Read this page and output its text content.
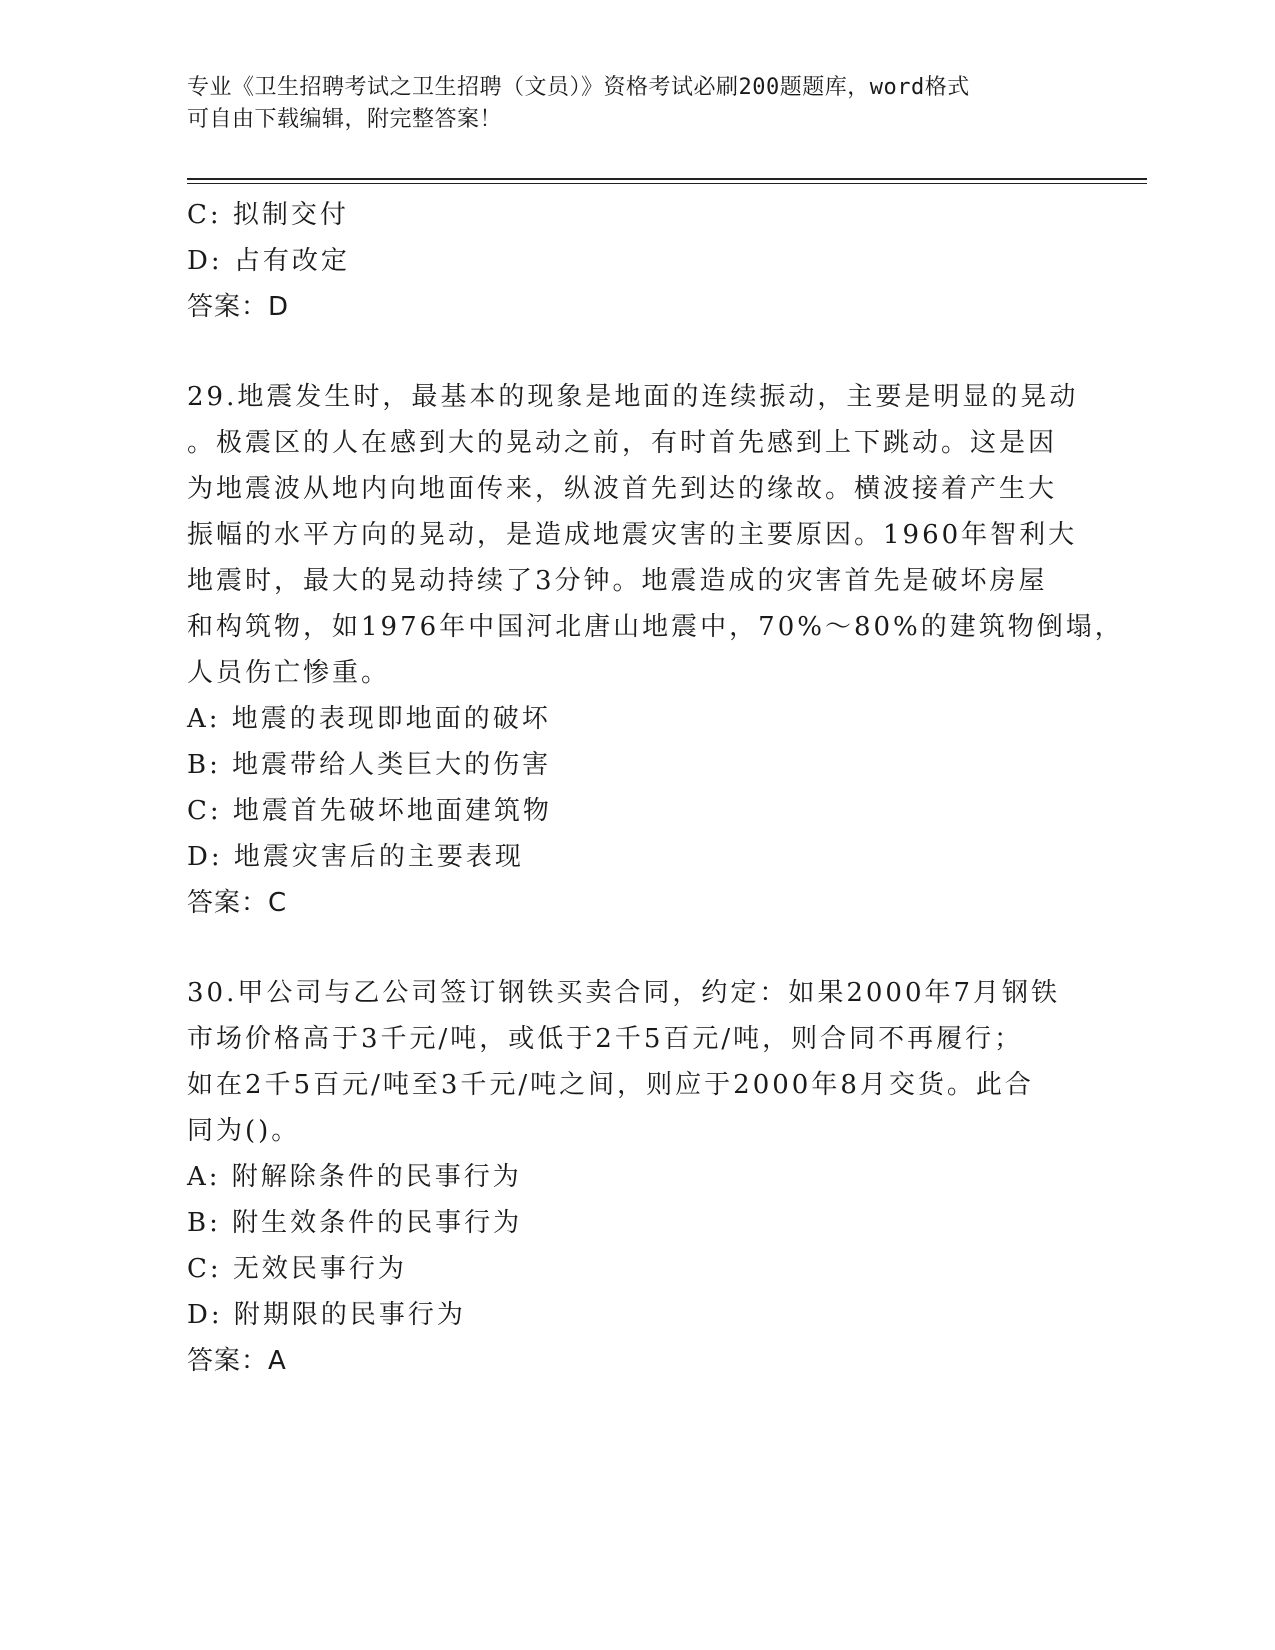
专业《卫生招聘考试之卫生招聘（文员）》资格考试必刷200题题库，word格式
可自由下载编辑，附完整答案！
C: 拟制交付
D: 占有改定
答案：D
29.地震发生时，最基本的现象是地面的连续振动，主要是明显的晃动
。极震区的人在感到大的晃动之前，有时首先感到上下跳动。这是因
为地震波从地内向地面传来，纵波首先到达的缘故。横波接着产生大
振幅的水平方向的晃动，是造成地震灾害的主要原因。1960年智利大
地震时，最大的晃动持续了3分钟。地震造成的灾害首先是破坏房屋
和构筑物，如1976年中国河北唐山地震中，70%～80%的建筑物倒塌，
人员伤亡惨重。
A: 地震的表现即地面的破坏
B: 地震带给人类巨大的伤害
C: 地震首先破坏地面建筑物
D: 地震灾害后的主要表现
答案：C
30.甲公司与乙公司签订钢铁买卖合同，约定：如果2000年7月钢铁
市场价格高于3千元/吨，或低于2千5百元/吨，则合同不再履行；
如在2千5百元/吨至3千元/吨之间，则应于2000年8月交货。此合
同为()。
A: 附解除条件的民事行为
B: 附生效条件的民事行为
C: 无效民事行为
D: 附期限的民事行为
答案：A
